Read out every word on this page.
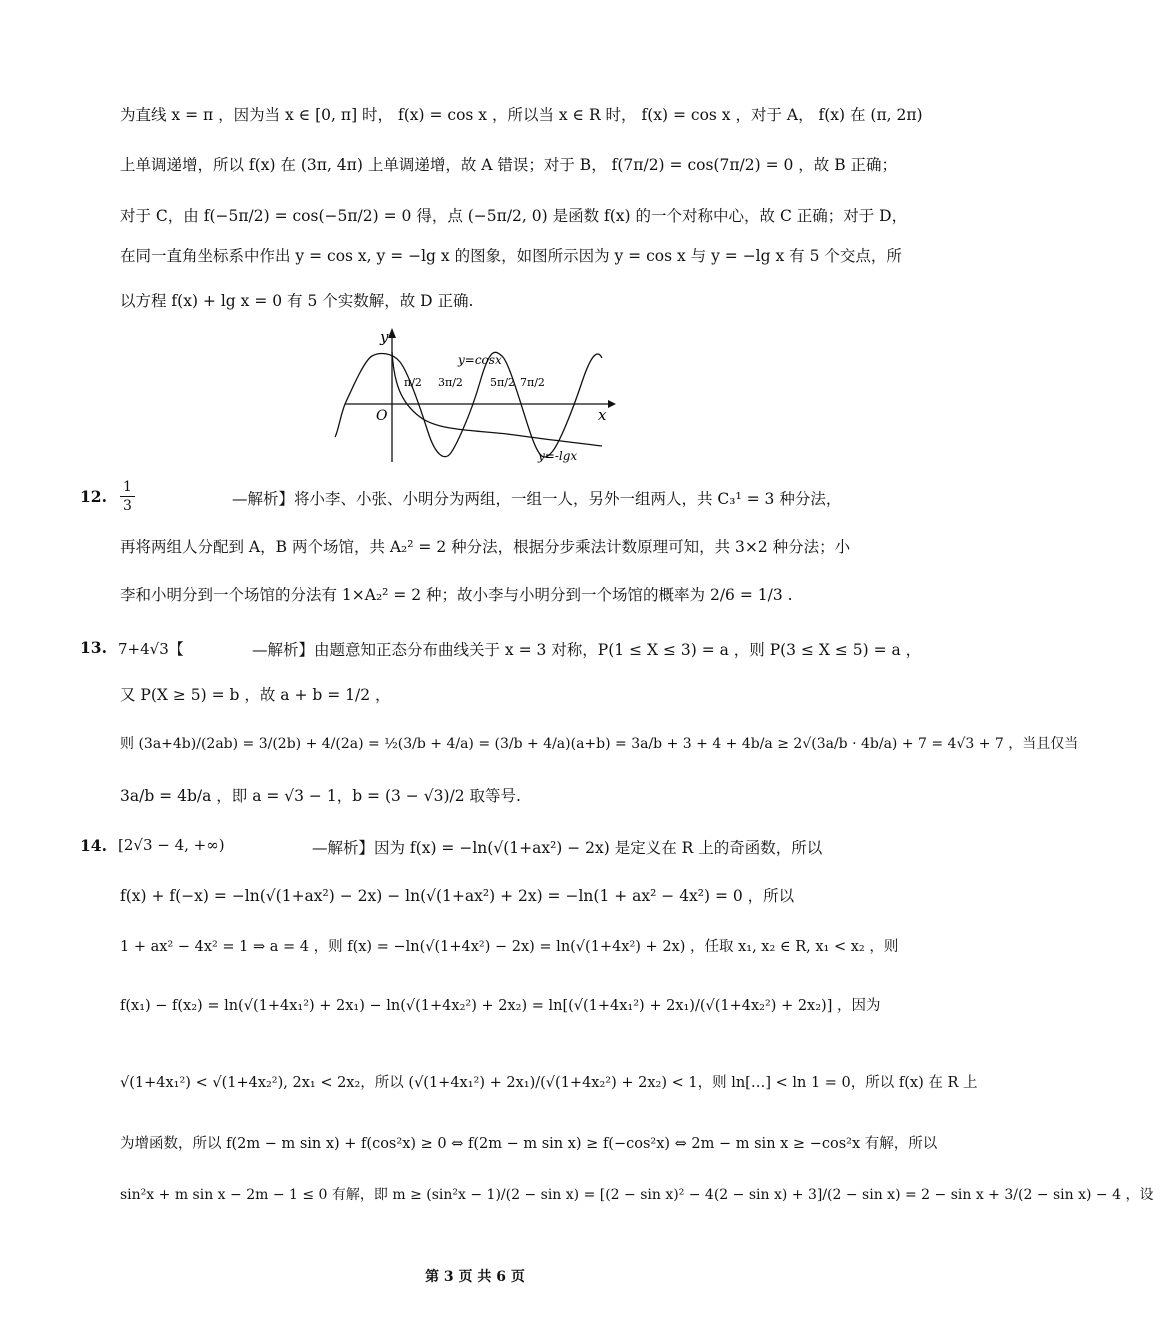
为直线 x = π ，因为当 x ∈ [0, π] 时， f(x) = cos x ，所以当 x ∈ R 时， f(x) = cos x ，对于 A， f(x) 在 (π, 2π)
上单调递增，所以 f(x) 在 (3π, 4π) 上单调递增，故 A 错误；对于 B， f(7π/2) = cos(7π/2) = 0 ，故 B 正确；
对于 C，由 f(−5π/2) = cos(−5π/2) = 0 得，点 (−5π/2, 0) 是函数 f(x) 的一个对称中心，故 C 正确；对于 D，
在同一直角坐标系中作出 y = cos x, y = −lg x 的图象，如图所示因为 y = cos x 与 y = −lg x 有 5 个交点，所
以方程 f(x) + lg x = 0 有 5 个实数解，故 D 正确.
y
x
O
π/2 3π/2 5π/2 7π/2
y=cosx
y=-lgx
12. $\frac{1}{3}$	—解析】将小李、小张、小明分为两组，一组一人，另外一组两人，共 C₃¹ = 3 种分法，
再将两组人分配到 A，B 两个场馆，共 A₂² = 2 种分法，根据分步乘法计数原理可知，共 3×2 种分法；小
李和小明分到一个场馆的分法有 1×A₂² = 2 种；故小李与小明分到一个场馆的概率为 2/6 = 1/3 .
13. 7+4√3【	—解析】由题意知正态分布曲线关于 x = 3 对称，P(1 ≤ X ≤ 3) = a ，则 P(3 ≤ X ≤ 5) = a ，
又 P(X ≥ 5) = b ，故 a + b = 1/2 ，
则 (3a+4b)/(2ab) = 3/(2b) + 4/(2a) = ½(3/b + 4/a) = (3/b + 4/a)(a+b) = 3a/b + 3 + 4 + 4b/a ≥ 2√(3a/b · 4b/a) + 7 = 4√3 + 7 ，当且仅当
3a/b = 4b/a ，即 a = √3 − 1，b = (3 − √3)/2 取等号.
14. [2√3 − 4, +∞)	—解析】因为 f(x) = −ln(√(1+ax²) − 2x) 是定义在 R 上的奇函数，所以
f(x) + f(−x) = −ln(√(1+ax²) − 2x) − ln(√(1+ax²) + 2x) = −ln(1 + ax² − 4x²) = 0 ，所以
1 + ax² − 4x² = 1 ⇒ a = 4 ，则 f(x) = −ln(√(1+4x²) − 2x) = ln(√(1+4x²) + 2x) ，任取 x₁, x₂ ∈ R, x₁ < x₂ ，则
f(x₁) − f(x₂) = ln(√(1+4x₁²) + 2x₁) − ln(√(1+4x₂²) + 2x₂) = ln[(√(1+4x₁²) + 2x₁)/(√(1+4x₂²) + 2x₂)] ，因为
√(1+4x₁²) < √(1+4x₂²), 2x₁ < 2x₂，所以 (√(1+4x₁²) + 2x₁)/(√(1+4x₂²) + 2x₂) < 1，则 ln[…] < ln 1 = 0，所以 f(x) 在 R 上
为增函数，所以 f(2m − m sin x) + f(cos²x) ≥ 0 ⇔ f(2m − m sin x) ≥ f(−cos²x) ⇔ 2m − m sin x ≥ −cos²x 有解，所以
sin²x + m sin x − 2m − 1 ≤ 0 有解，即 m ≥ (sin²x − 1)/(2 − sin x) = [(2 − sin x)² − 4(2 − sin x) + 3]/(2 − sin x) = 2 − sin x + 3/(2 − sin x) − 4 ，设
第 3 页 共 6 页
